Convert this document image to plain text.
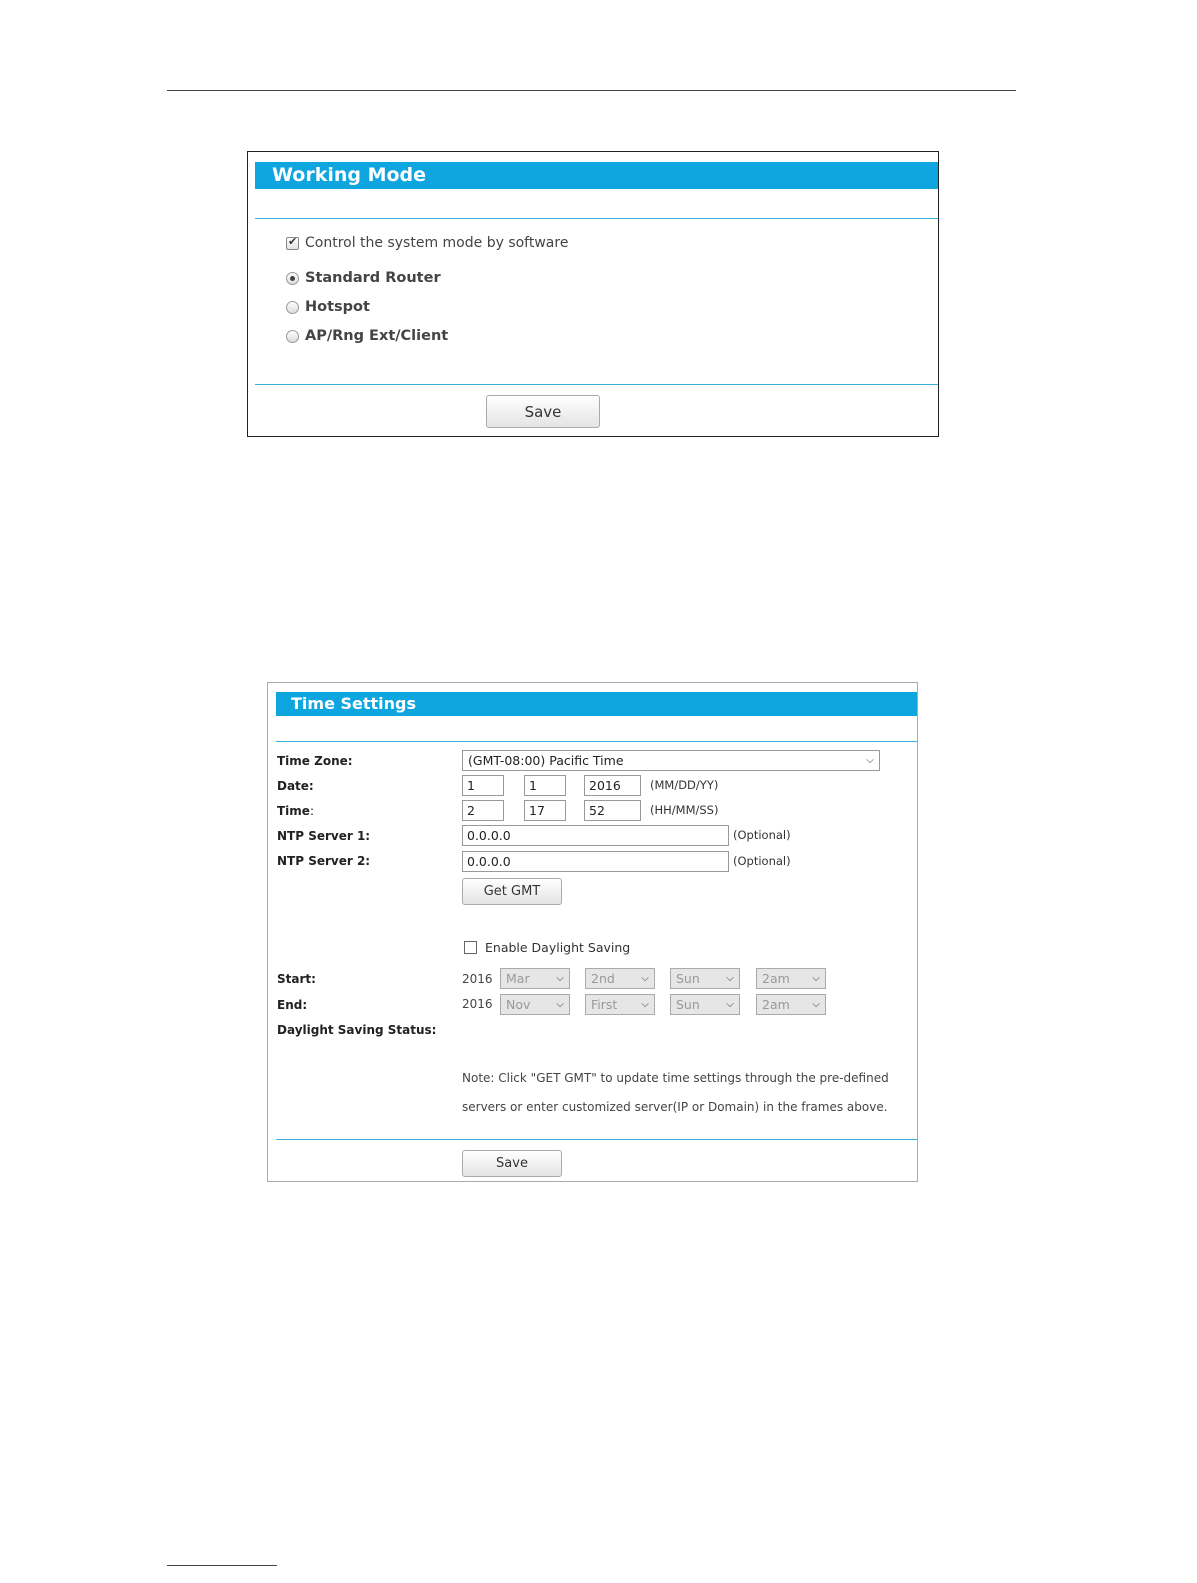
Working Mode
✔
Control the system mode by software
Standard Router
Hotspot
AP/Rng Ext/Client
Save
Time Settings
Time Zone:	(GMT-08:00) Pacific Time	⌵
Date:	1	1	2016	(MM/DD/YY)
Time:	2	17	52	(HH/MM/SS)
NTP Server 1:	0.0.0.0	(Optional)
NTP Server 2:	0.0.0.0	(Optional)
Get GMT
Enable Daylight Saving
Start:	2016	Mar	⌵	2nd	⌵	Sun	⌵	2am	⌵
End:	2016	Nov	⌵	First	⌵	Sun	⌵	2am	⌵
Daylight Saving Status:
Note: Click "GET GMT" to update time settings through the pre-defined
servers or enter customized server(IP or Domain) in the frames above.
Save
